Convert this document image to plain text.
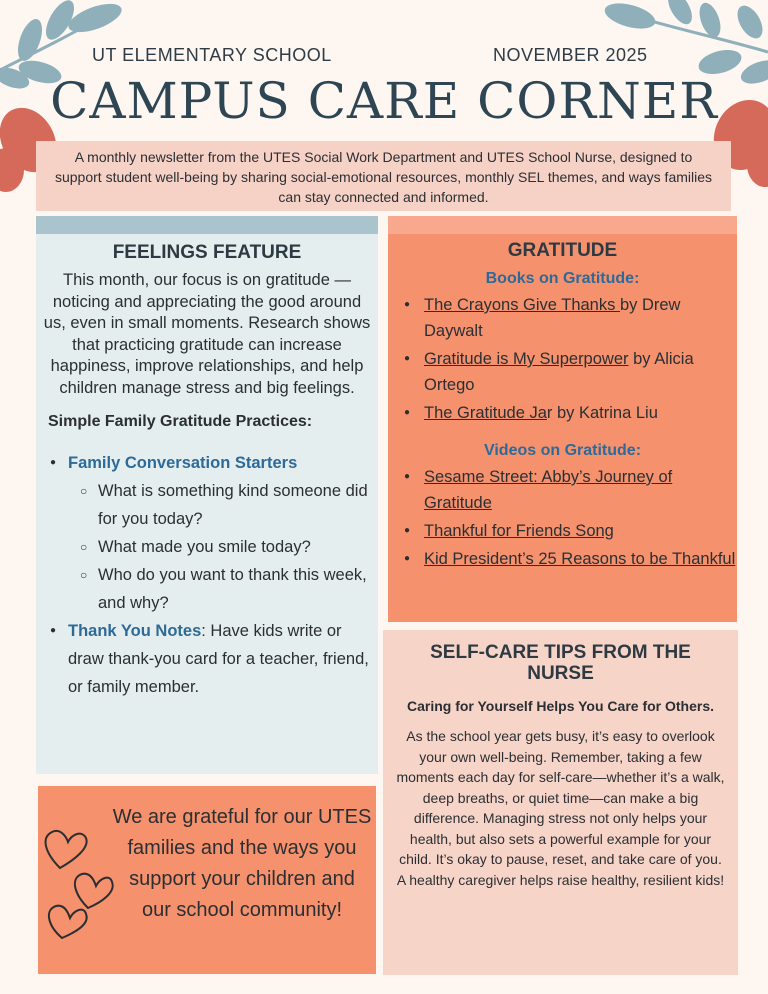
UT ELEMENTARY SCHOOL	NOVEMBER 2025
CAMPUS CARE CORNER
A monthly newsletter from the UTES Social Work Department and UTES School Nurse, designed to support student well-being by sharing social-emotional resources, monthly SEL themes, and ways families can stay connected and informed.
FEELINGS FEATURE
This month, our focus is on gratitude — noticing and appreciating the good around us, even in small moments. Research shows that practicing gratitude can increase happiness, improve relationships, and help children manage stress and big feelings.
Simple Family Gratitude Practices:
● Family Conversation Starters
○ What is something kind someone did for you today?
○ What made you smile today?
○ Who do you want to thank this week, and why?
● Thank You Notes: Have kids write or draw thank-you card for a teacher, friend, or family member.
GRATITUDE
Books on Gratitude:
● The Crayons Give Thanks by Drew Daywalt
● Gratitude is My Superpower by Alicia Ortego
● The Gratitude Jar by Katrina Liu
Videos on Gratitude:
● Sesame Street: Abby’s Journey of Gratitude
● Thankful for Friends Song
● Kid President’s 25 Reasons to be Thankful
SELF-CARE TIPS FROM THE NURSE
Caring for Yourself Helps You Care for Others.
As the school year gets busy, it’s easy to overlook your own well-being. Remember, taking a few moments each day for self-care—whether it’s a walk, deep breaths, or quiet time—can make a big difference. Managing stress not only helps your health, but also sets a powerful example for your child. It’s okay to pause, reset, and take care of you. A healthy caregiver helps raise healthy, resilient kids!
We are grateful for our UTES families and the ways you support your children and our school community!
